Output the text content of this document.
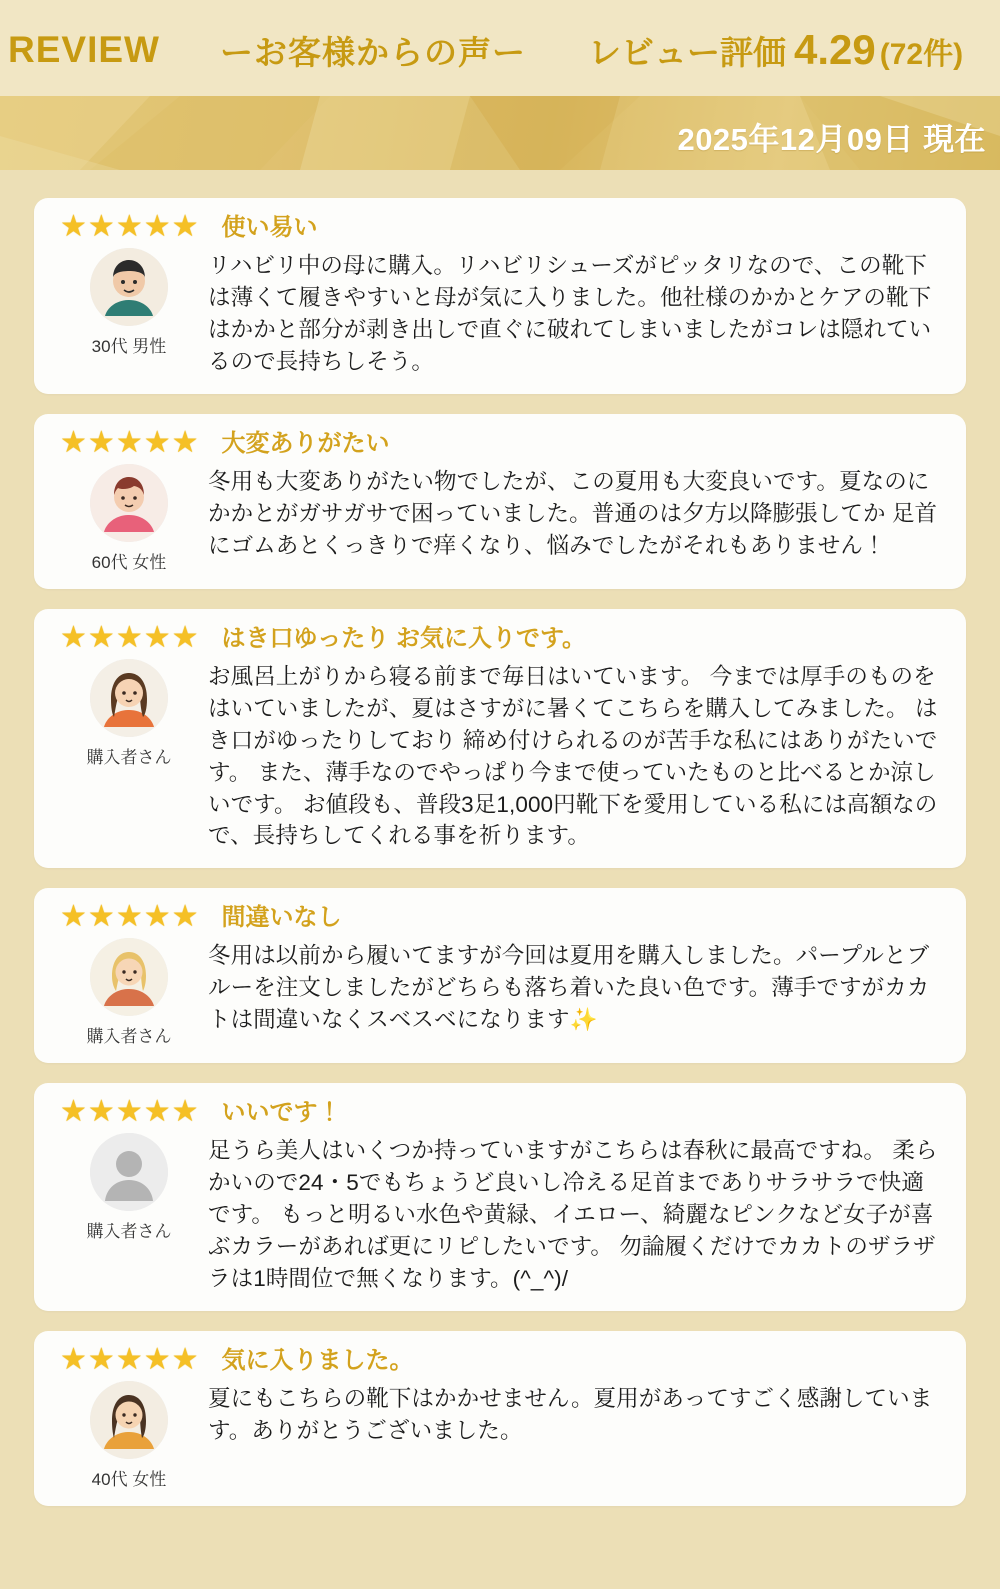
REVIEW ーお客様からの声ー レビュー評価 4.29 (72件)
2025年12月09日 現在
★ ★ ★ ★ ★ 使い易い
30代 男性
リハビリ中の母に購入。リハビリシューズがピッタリなので、この靴下は薄くて履きやすいと母が気に入りました。他社様のかかとケアの靴下はかかと部分が剥き出しで直ぐに破れてしまいましたがコレは隠れているので長持ちしそう。
★ ★ ★ ★ ★ 大変ありがたい
60代 女性
冬用も大変ありがたい物でしたが、この夏用も大変良いです。夏なのにかかとがガサガサで困っていました。普通のは夕方以降膨張してか 足首にゴムあとくっきりで痒くなり、悩みでしたがそれもありません！
★ ★ ★ ★ ★ はき口ゆったり お気に入りです。
購入者さん
お風呂上がりから寝る前まで毎日はいています。 今までは厚手のものをはいていましたが、夏はさすがに暑くてこちらを購入してみました。 はき口がゆったりしており 締め付けられるのが苦手な私にはありがたいです。 また、薄手なのでやっぱり今まで使っていたものと比べるとか涼しいです。 お値段も、普段3足1,000円靴下を愛用している私には高額なので、長持ちしてくれる事を祈ります。
★ ★ ★ ★ ★ 間違いなし
購入者さん
冬用は以前から履いてますが今回は夏用を購入しました。パープルとブルーを注文しましたがどちらも落ち着いた良い色です。薄手ですがカカトは間違いなくスベスベになります✨
★ ★ ★ ★ ★ いいです！
購入者さん
足うら美人はいくつか持っていますがこちらは春秋に最高ですね。 柔らかいので24・5でもちょうど良いし冷える足首までありサラサラで快適です。 もっと明るい水色や黄緑、イエロー、綺麗なピンクなど女子が喜ぶカラーがあれば更にリピしたいです。 勿論履くだけでカカトのザラザラは1時間位で無くなります。(^_^)/
★ ★ ★ ★ ★ 気に入りました。
40代 女性
夏にもこちらの靴下はかかせません。夏用があってすごく感謝しています。ありがとうございました。
